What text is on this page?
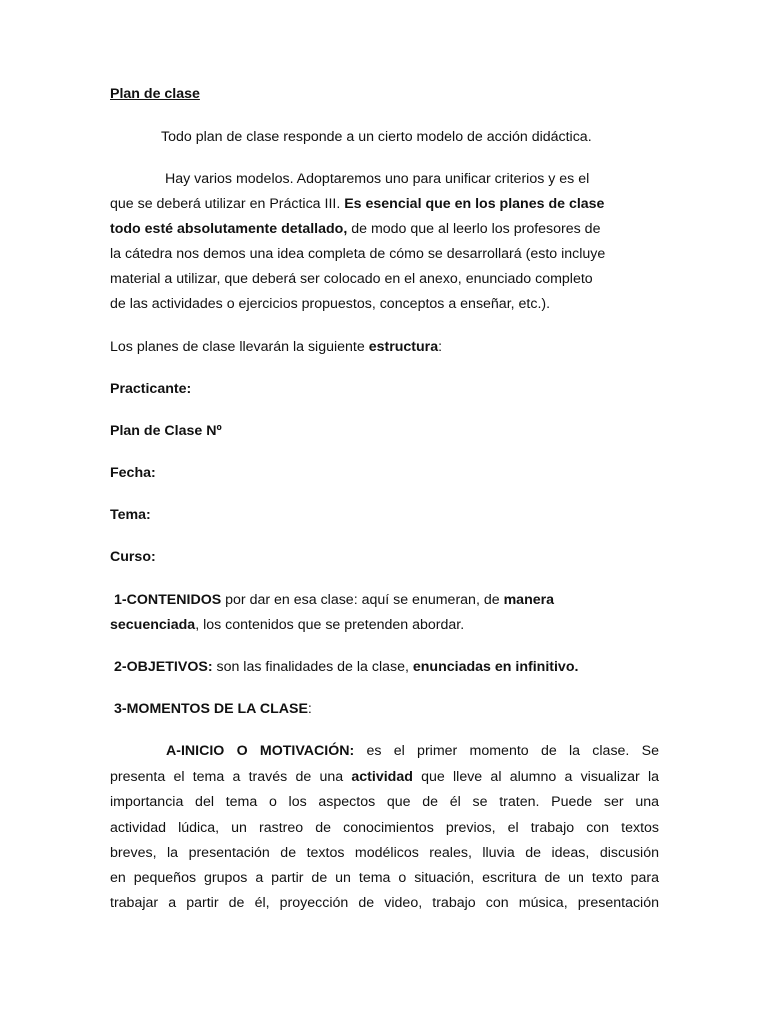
Plan de clase
Todo plan de clase responde a un cierto modelo de acción didáctica.
Hay varios modelos. Adoptaremos uno para unificar criterios y es el
que se deberá utilizar en Práctica III. Es esencial que en los planes de clase
todo esté absolutamente detallado, de modo que al leerlo los profesores de
la cátedra nos demos una idea completa de cómo se desarrollará (esto incluye
material a utilizar, que deberá ser colocado en el anexo, enunciado completo
de las actividades o ejercicios propuestos, conceptos a enseñar, etc.).
Los planes de clase llevarán la siguiente estructura:
Practicante:
Plan de Clase Nº
Fecha:
Tema:
Curso:
1-CONTENIDOS por dar en esa clase: aquí se enumeran, de manera
secuenciada, los contenidos que se pretenden abordar.
2-OBJETIVOS: son las finalidades de la clase, enunciadas en infinitivo.
3-MOMENTOS DE LA CLASE:
A-INICIO O MOTIVACIÓN: es el primer momento de la clase. Se
presenta el tema a través de una actividad que lleve al alumno a visualizar la
importancia del tema o los aspectos que de él se traten. Puede ser una
actividad lúdica, un rastreo de conocimientos previos, el trabajo con textos
breves, la presentación de textos modélicos reales, lluvia de ideas, discusión
en pequeños grupos a partir de un tema o situación, escritura de un texto para
trabajar a partir de él, proyección de video, trabajo con música, presentación
